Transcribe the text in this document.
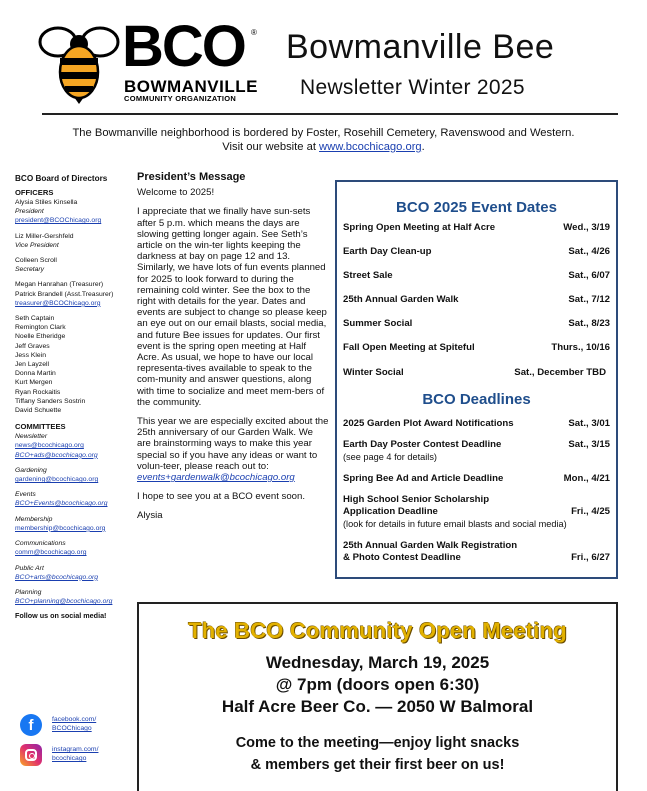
BCO ®
BOWMANVILLE
COMMUNITY ORGANIZATION
Bowmanville Bee
Newsletter Winter 2025
The Bowmanville neighborhood is bordered by Foster, Rosehill Cemetery, Ravenswood and Western.
Visit our website at www.bcochicago.org.
BCO Board of Directors
OFFICERS
Alysia Stiles Kinsella
President
president@BCOChicago.org
Liz Miller-Gershfeld
Vice President
Colleen Scroll
Secretary
Megan Hanrahan (Treasurer)
Patrick Brandell (Asst.Treasurer)
treasurer@BCOChicago.org
Seth Captain
Remington Clark
Noelle Etheridge
Jeff Graves
Jess Klein
Jen Layzell
Donna Martin
Kurt Mergen
Ryan Rockaitis
Tiffany Sanders Sostrin
David Schuette
COMMITTEES
Newsletter
news@bcochicago.org
BCO+ads@bcochicago.org
Gardening
gardening@bcochicago.org
Events
BCO+Events@bcochicago.org
Membership
membership@bcochicago.org
Communications
comm@bcochicago.org
Public Art
BCO+arts@bcochicago.org
Planning
BCO+planning@bcochicago.org
Follow us on social media!
f	facebook.com/
BCOChicago
instagram.com/
bcochicago
President’s Message

Welcome to 2025!

I appreciate that we finally have sun-sets after 5 p.m. which means the days are slowing getting longer again. See Seth’s article on the win-ter lights keeping the darkness at bay on page 12 and 13. Similarly, we have lots of fun events planned for 2025 to look forward to during the remaining cold winter. See the box to the right with details for the year. Dates and events are subject to change so please keep an eye out on our email blasts, social media, and future Bee issues for updates. Our first event is the spring open meeting at Half Acre. As usual, we hope to have our local representa-tives available to speak to the com-munity and answer questions, along with time to socialize and meet mem-bers of the community.

This year we are especially excited about the 25th anniversary of our Garden Walk. We are brainstorming ways to make this year special so if you have any ideas or want to volun-teer, please reach out to: events+gardenwalk@bcochicago.org

I hope to see you at a BCO event soon.

Alysia

BCO 2025 Event Dates
Spring Open Meeting at Half Acre	Wed., 3/19
Earth Day Clean-up	Sat., 4/26
Street Sale	Sat., 6/07
25th Annual Garden Walk	Sat., 7/12
Summer Social	Sat., 8/23
Fall Open Meeting at Spiteful	Thurs., 10/16
Winter Social	Sat., December TBD
BCO Deadlines
2025 Garden Plot Award Notifications	Sat., 3/01
Earth Day Poster Contest Deadline	Sat., 3/15
(see page 4 for details)
Spring Bee Ad and Article Deadline	Mon., 4/21
High School Senior Scholarship
Application Deadline	Fri., 4/25
(look for details in future email blasts and social media)
25th Annual Garden Walk Registration
& Photo Contest Deadline	Fri., 6/27
The BCO Community Open Meeting
Wednesday, March 19, 2025
@ 7pm (doors open 6:30)
Half Acre Beer Co. — 2050 W Balmoral
Come to the meeting—enjoy light snacks
& members get their first beer on us!
